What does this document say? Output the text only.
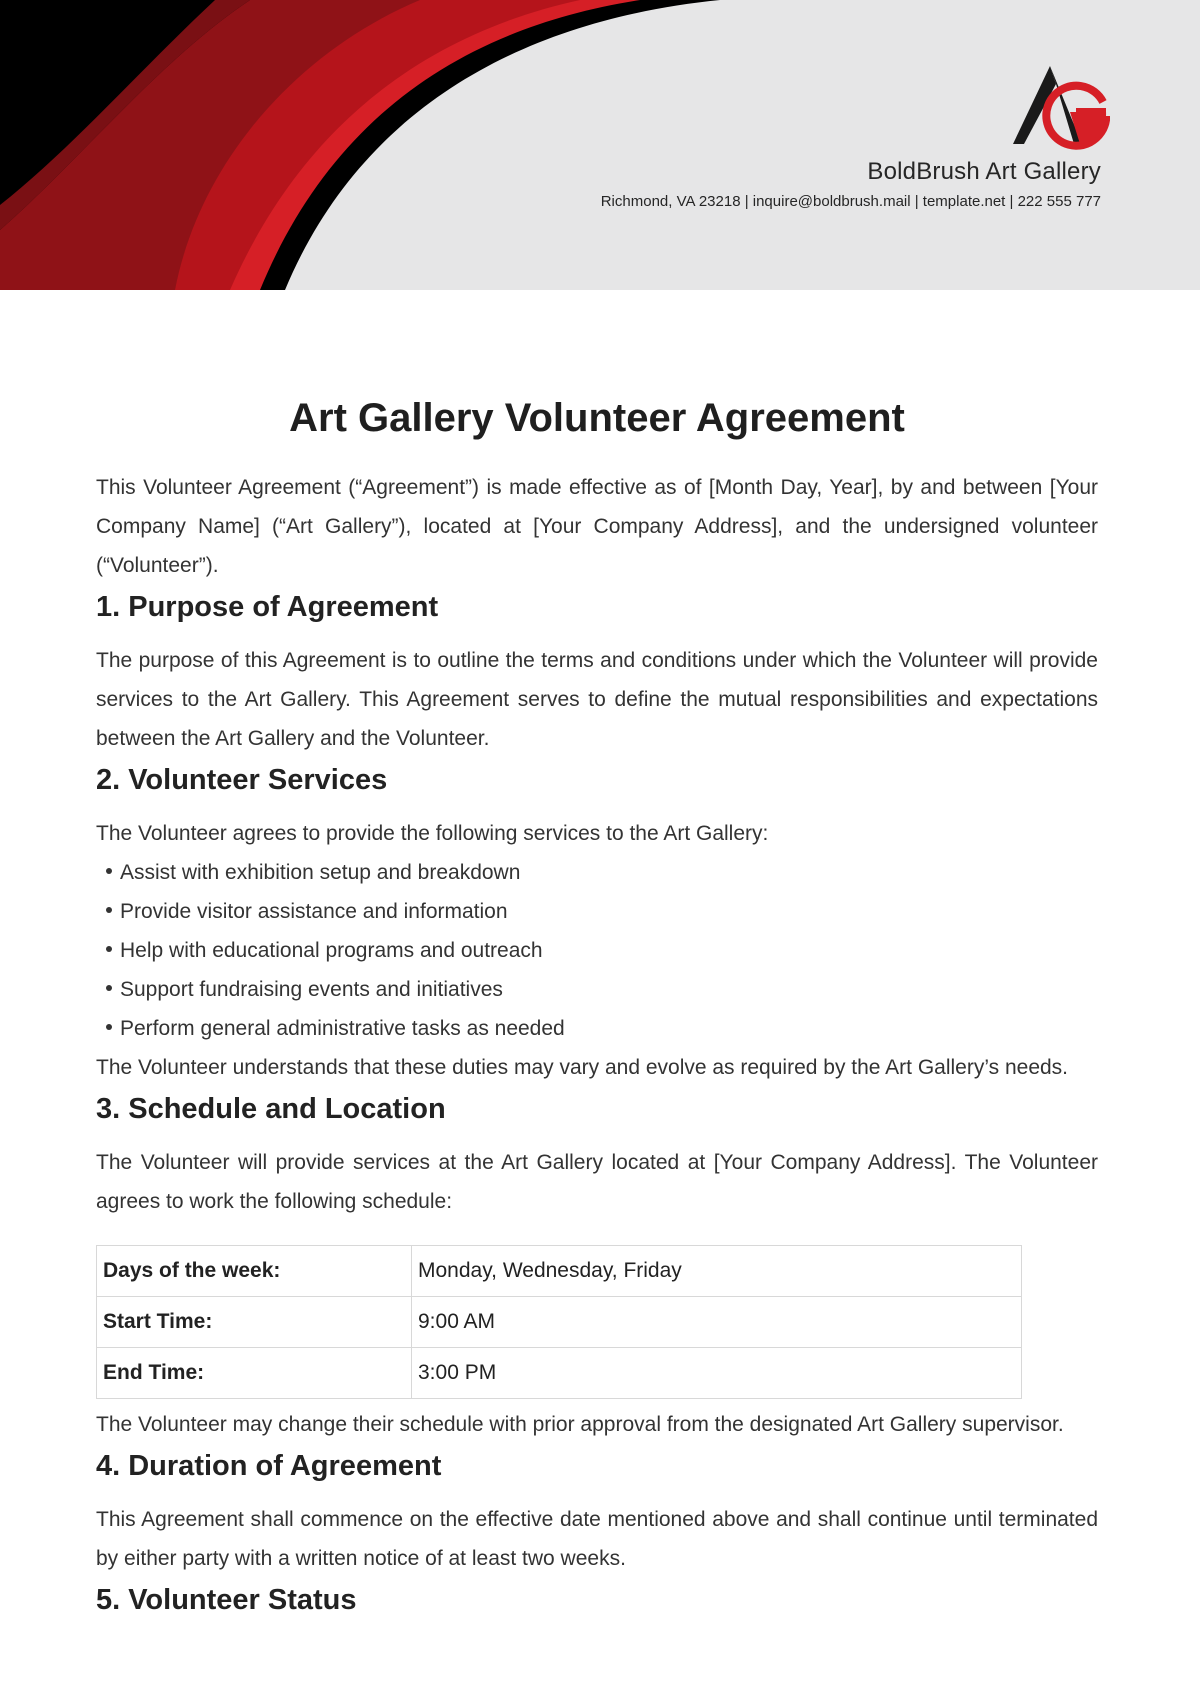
BoldBrush Art Gallery
Richmond, VA 23218 | inquire@boldbrush.mail | template.net | 222 555 777
Art Gallery Volunteer Agreement

This Volunteer Agreement (“Agreement”) is made effective as of [Month Day, Year], by and between [Your Company Name] (“Art Gallery”), located at [Your Company Address], and the undersigned volunteer (“Volunteer”).

1. Purpose of Agreement

The purpose of this Agreement is to outline the terms and conditions under which the Volunteer will provide services to the Art Gallery. This Agreement serves to define the mutual responsibilities and expectations between the Art Gallery and the Volunteer.

2. Volunteer Services

The Volunteer agrees to provide the following services to the Art Gallery:

Assist with exhibition setup and breakdown
Provide visitor assistance and information
Help with educational programs and outreach
Support fundraising events and initiatives
Perform general administrative tasks as needed

The Volunteer understands that these duties may vary and evolve as required by the Art Gallery’s needs.

3. Schedule and Location

The Volunteer will provide services at the Art Gallery located at [Your Company Address]. The Volunteer agrees to work the following schedule:

Days of the week:	Monday, Wednesday, Friday
Start Time:	9:00 AM
End Time:	3:00 PM

The Volunteer may change their schedule with prior approval from the designated Art Gallery supervisor.

4. Duration of Agreement

This Agreement shall commence on the effective date mentioned above and shall continue until terminated by either party with a written notice of at least two weeks.

5. Volunteer Status
